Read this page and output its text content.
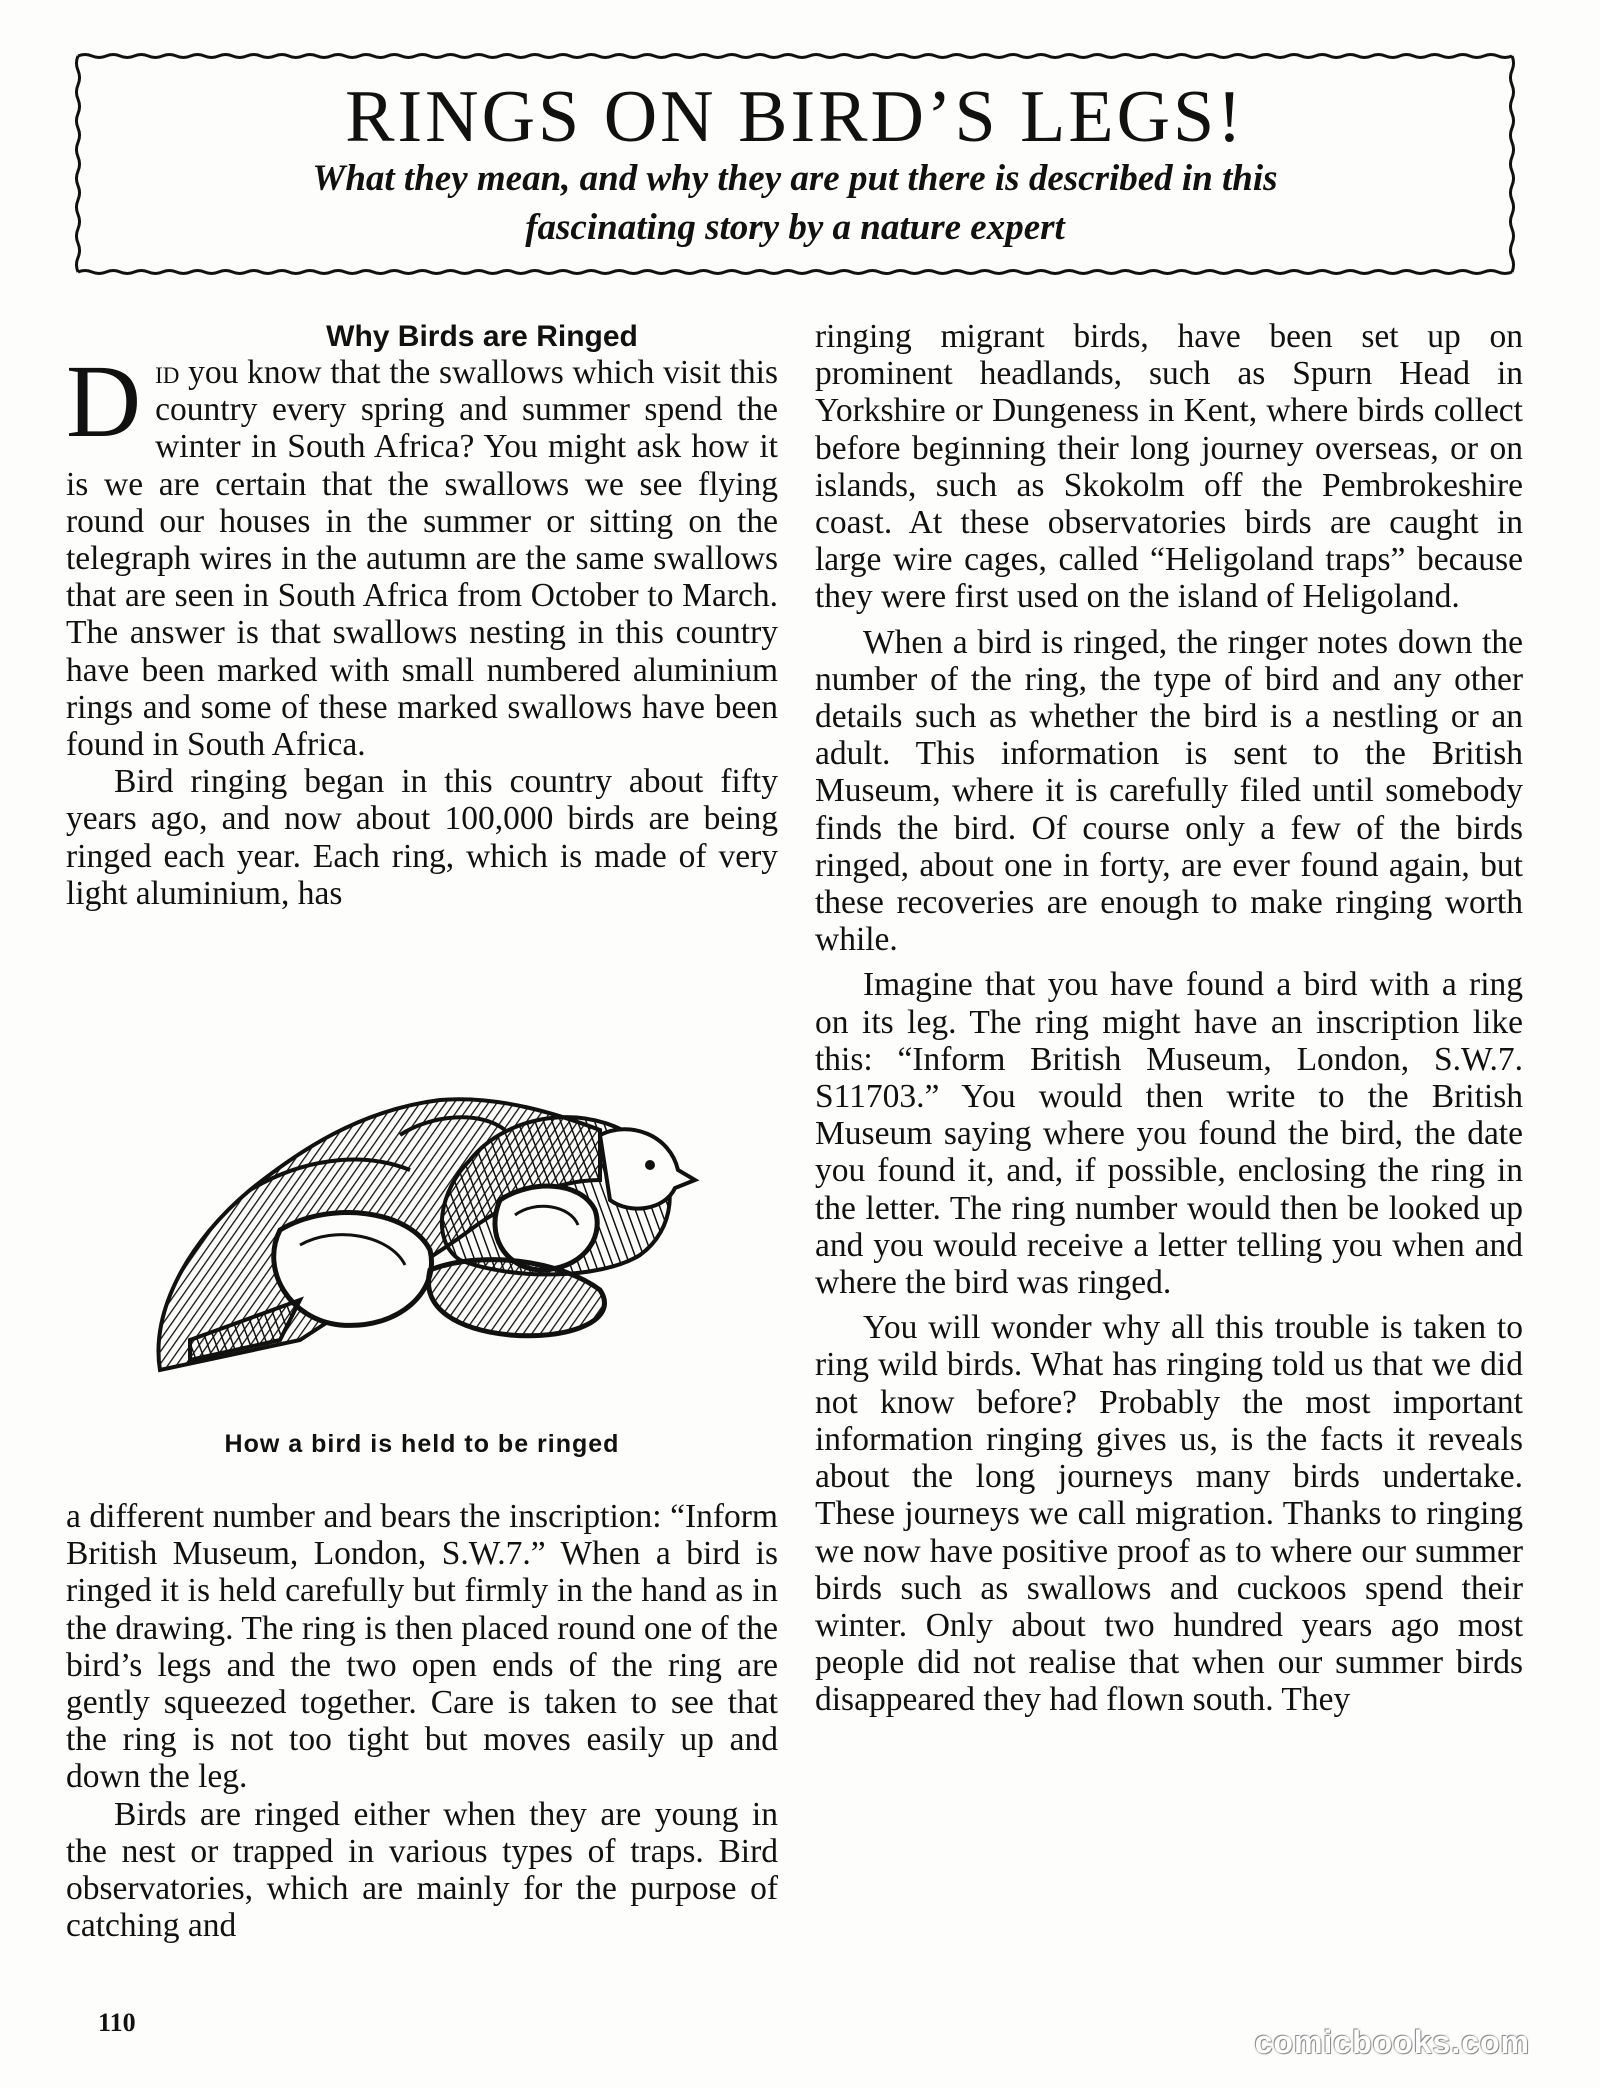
RINGS ON BIRD’S LEGS!
What they mean, and why they are put there is described in this
fascinating story by a nature expert

Why Birds are Ringed

Did you know that the swallows which visit this country every spring and summer spend the winter in South Africa? You might ask how it is we are certain that the swallows we see flying round our houses in the summer or sitting on the telegraph wires in the autumn are the same swallows that are seen in South Africa from October to March. The answer is that swallows nesting in this country have been marked with small numbered aluminium rings and some of these marked swallows have been found in South Africa.

Bird ringing began in this country about fifty years ago, and now about 100,000 birds are being ringed each year. Each ring, which is made of very light aluminium, has

How a bird is held to be ringed

a different number and bears the inscription: “Inform British Museum, London, S.W.7.” When a bird is ringed it is held carefully but firmly in the hand as in the drawing. The ring is then placed round one of the bird’s legs and the two open ends of the ring are gently squeezed together. Care is taken to see that the ring is not too tight but moves easily up and down the leg.

Birds are ringed either when they are young in the nest or trapped in various types of traps. Bird observatories, which are mainly for the purpose of catching and

ringing migrant birds, have been set up on prominent headlands, such as Spurn Head in Yorkshire or Dungeness in Kent, where birds collect before beginning their long journey overseas, or on islands, such as Skokolm off the Pembrokeshire coast. At these observatories birds are caught in large wire cages, called “Heligoland traps” because they were first used on the island of Heligoland.

When a bird is ringed, the ringer notes down the number of the ring, the type of bird and any other details such as whether the bird is a nestling or an adult. This information is sent to the British Museum, where it is carefully filed until somebody finds the bird. Of course only a few of the birds ringed, about one in forty, are ever found again, but these recoveries are enough to make ringing worth while.

Imagine that you have found a bird with a ring on its leg. The ring might have an inscription like this: “Inform British Museum, London, S.W.7. S11703.” You would then write to the British Museum saying where you found the bird, the date you found it, and, if possible, enclosing the ring in the letter. The ring number would then be looked up and you would receive a letter telling you when and where the bird was ringed.

You will wonder why all this trouble is taken to ring wild birds. What has ringing told us that we did not know before? Probably the most important information ringing gives us, is the facts it reveals about the long journeys many birds undertake. These journeys we call migration. Thanks to ringing we now have positive proof as to where our summer birds such as swallows and cuckoos spend their winter. Only about two hundred years ago most people did not realise that when our summer birds disappeared they had flown south. They

110
comicbooks.com
